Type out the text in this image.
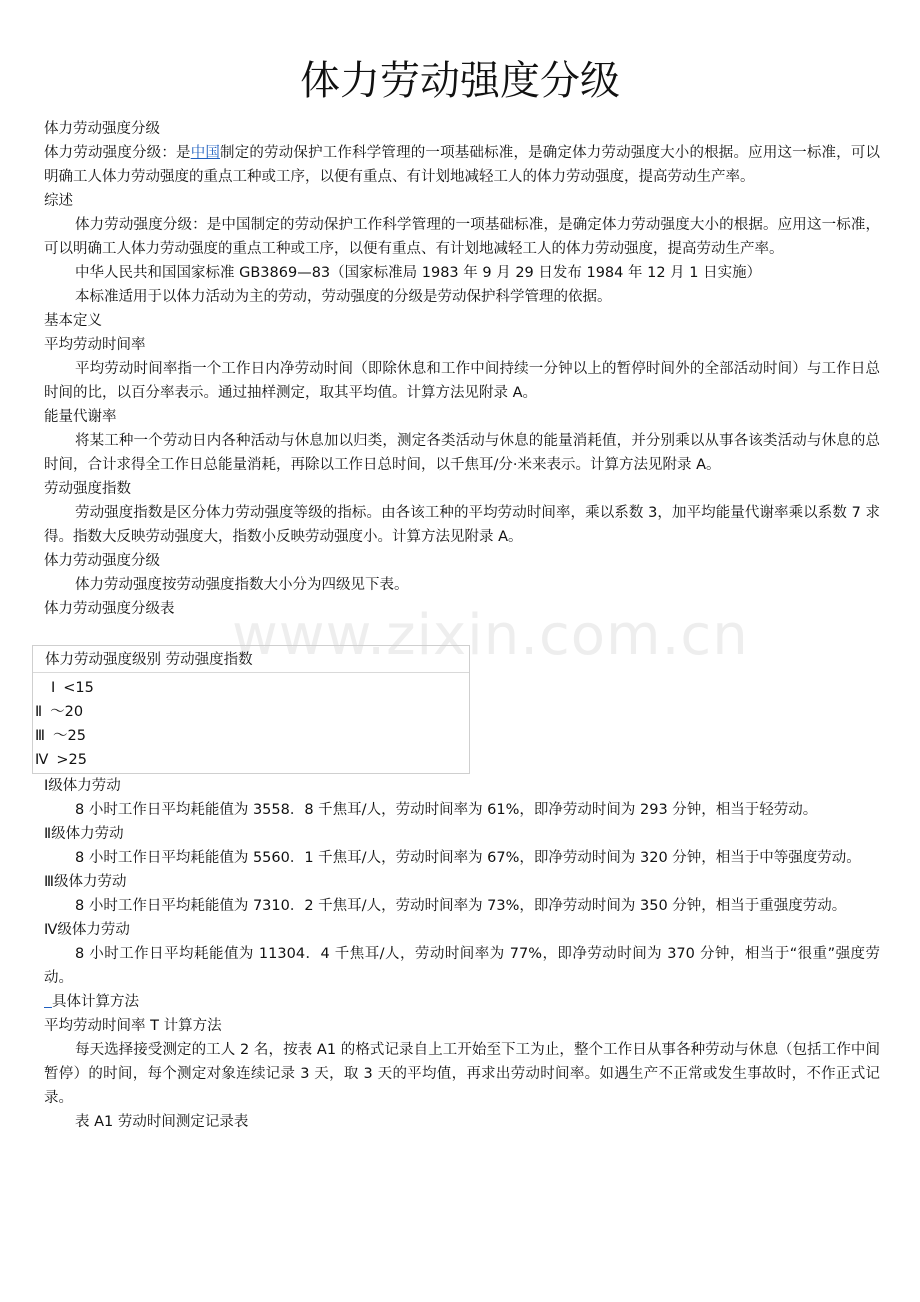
体力劳动强度分级
www.zixin.com.cn

体力劳动强度分级

体力劳动强度分级：是中国制定的劳动保护工作科学管理的一项基础标准，是确定体力劳动强度大小的根据。应用这一标准，可以明确工人体力劳动强度的重点工种或工序，以便有重点、有计划地减轻工人的体力劳动强度，提高劳动生产率。

综述

体力劳动强度分级：是中国制定的劳动保护工作科学管理的一项基础标准，是确定体力劳动强度大小的根据。应用这一标准，可以明确工人体力劳动强度的重点工种或工序，以便有重点、有计划地减轻工人的体力劳动强度，提高劳动生产率。

中华人民共和国国家标准 GB3869—83（国家标准局 1983 年 9 月 29 日发布 1984 年 12 月 1 日实施）

本标准适用于以体力活动为主的劳动，劳动强度的分级是劳动保护科学管理的依据。

基本定义

平均劳动时间率

平均劳动时间率指一个工作日内净劳动时间（即除休息和工作中间持续一分钟以上的暂停时间外的全部活动时间）与工作日总时间的比，以百分率表示。通过抽样测定，取其平均值。计算方法见附录 A。

能量代谢率

将某工种一个劳动日内各种活动与休息加以归类，测定各类活动与休息的能量消耗值，并分别乘以从事各该类活动与休息的总时间，合计求得全工作日总能量消耗，再除以工作日总时间，以千焦耳/分·米来表示。计算方法见附录 A。

劳动强度指数

劳动强度指数是区分体力劳动强度等级的指标。由各该工种的平均劳动时间率，乘以系数 3，加平均能量代谢率乘以系数 7 求得。指数大反映劳动强度大，指数小反映劳动强度小。计算方法见附录 A。

体力劳动强度分级

体力劳动强度按劳动强度指数大小分为四级见下表。

体力劳动强度分级表

体力劳动强度级别 劳动强度指数
Ⅰ <15
Ⅱ ～20
Ⅲ ～25
Ⅳ >25

Ⅰ级体力劳动

8 小时工作日平均耗能值为 3558．8 千焦耳/人，劳动时间率为 61%，即净劳动时间为 293 分钟，相当于轻劳动。

Ⅱ级体力劳动

8 小时工作日平均耗能值为 5560．1 千焦耳/人，劳动时间率为 67%，即净劳动时间为 320 分钟，相当于中等强度劳动。

Ⅲ级体力劳动

8 小时工作日平均耗能值为 7310．2 千焦耳/人，劳动时间率为 73%，即净劳动时间为 350 分钟，相当于重强度劳动。

Ⅳ级体力劳动

8 小时工作日平均耗能值为 11304．4 千焦耳/人，劳动时间率为 77%，即净劳动时间为 370 分钟，相当于“很重”强度劳动。

具体计算方法

平均劳动时间率 T 计算方法

每天选择接受测定的工人 2 名，按表 A1 的格式记录自上工开始至下工为止，整个工作日从事各种劳动与休息（包括工作中间暂停）的时间，每个测定对象连续记录 3 天，取 3 天的平均值，再求出劳动时间率。如遇生产不正常或发生事故时，不作正式记录。

表 A1 劳动时间测定记录表
